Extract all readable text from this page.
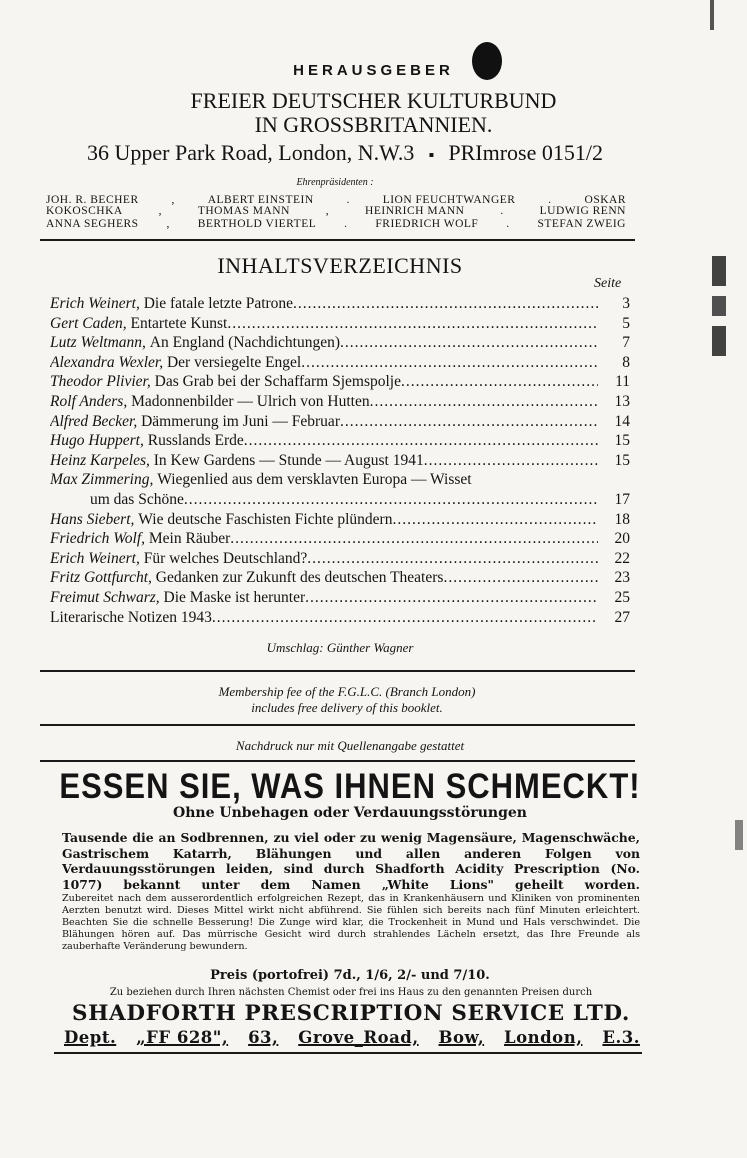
HERAUSGEBER
FREIER DEUTSCHER KULTURBUND
IN GROSSBRITANNIEN.
36 Upper Park Road, London, N.W.3 ▪ PRImrose 0151/2
Ehrenpräsidenten :
JOH. R. BECHER	,	ALBERT EINSTEIN	.	LION FEUCHTWANGER	.	OSKAR
KOKOSCHKA	,	THOMAS MANN	,	HEINRICH MANN	.	LUDWIG RENN
ANNA SEGHERS	,	BERTHOLD VIERTEL	.	FRIEDRICH WOLF	.	STEFAN ZWEIG
INHALTSVERZEICHNIS
Seite
Erich Weinert,
Die fatale letzte Patrone .....	3
Gert Caden,
Entartete Kunst .....	5
Lutz Weltmann,
An England (Nachdichtungen) .....	7
Alexandra Wexler,
Der versiegelte Engel .....	8
Theodor Plivier,
Das Grab bei der Schaffarm Sjemspolje .....	11
Rolf Anders,
Madonnenbilder — Ulrich von Hutten .....	13
Alfred Becker,
Dämmerung im Juni — Februar .....	14
Hugo Huppert,
Russlands Erde .....	15
Heinz Karpeles,
In Kew Gardens — Stunde — August 1941 .....	15
Max Zimmering,
Wiegenlied aus dem versklavten Europa — Wisset
um das Schöne .....	17
Hans Siebert,
Wie deutsche Faschisten Fichte plündern .....	18
Friedrich Wolf,
Mein Räuber .....	20
Erich Weinert,
Für welches Deutschland? .....	22
Fritz Gottfurcht,
Gedanken zur Zukunft des deutschen Theaters .....	23
Freimut Schwarz,
Die Maske ist herunter .....	25
Literarische Notizen 1943 .....	27
Umschlag: Günther Wagner
Membership fee of the F.G.L.C. (Branch London)
includes free delivery of this booklet.
Nachdruck nur mit Quellenangabe gestattet
ESSEN SIE, WAS IHNEN SCHMECKT!
Ohne Unbehagen oder Verdauungsstörungen
Tausende die an Sodbrennen, zu viel oder zu wenig Magensäure, Magenschwäche, Gastrischem Katarrh, Blähungen und allen anderen Folgen von Verdauungsstörungen leiden, sind durch Shadforth Acidity Prescription (No. 1077) bekannt unter dem Namen „White Lions" geheilt worden.
Zubereitet nach dem ausserordentlich erfolgreichen Rezept, das in Krankenhäusern und Kliniken von prominenten Aerzten benutzt wird. Dieses Mittel wirkt nicht abführend. Sie fühlen sich bereits nach fünf Minuten erleichtert. Beachten Sie die schnelle Besserung! Die Zunge wird klar, die Trockenheit in Mund und Hals verschwindet. Die Blähungen hören auf. Das mürrische Gesicht wird durch strahlendes Lächeln ersetzt, das Ihre Freunde als zauberhafte Veränderung bewundern.
Preis (portofrei) 7d., 1/6, 2/- und 7/10.
Zu beziehen durch Ihren nächsten Chemist oder frei ins Haus zu den genannten Preisen durch
SHADFORTH PRESCRIPTION SERVICE LTD.
Dept. „FF 628", 63, Grove_Road, Bow, London, E.3.
